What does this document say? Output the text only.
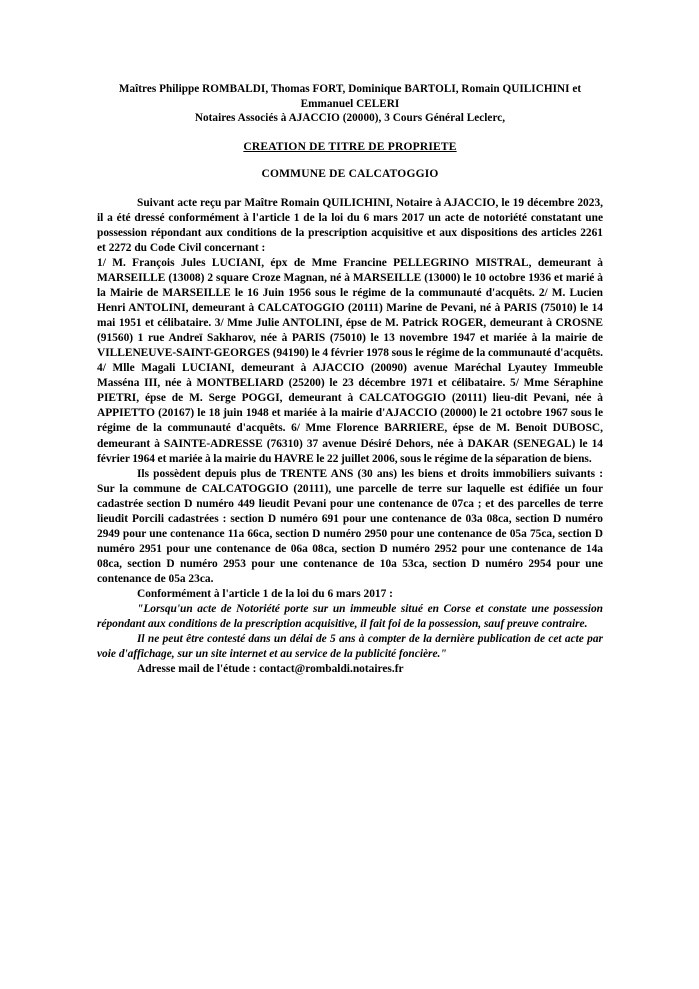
Maîtres Philippe ROMBALDI, Thomas FORT, Dominique BARTOLI, Romain QUILICHINI et
Emmanuel CELERI
Notaires Associés à AJACCIO (20000), 3 Cours Général Leclerc,
CREATION DE TITRE DE PROPRIETE
COMMUNE DE CALCATOGGIO

Suivant acte reçu par Maître Romain QUILICHINI, Notaire à AJACCIO, le 19 décembre 2023, il a été dressé conformément à l'article 1 de la loi du 6 mars 2017 un acte de notoriété constatant une possession répondant aux conditions de la prescription acquisitive et aux dispositions des articles 2261 et 2272 du Code Civil concernant :

1/ M. François Jules LUCIANI, épx de Mme Francine PELLEGRINO MISTRAL, demeurant à MARSEILLE (13008) 2 square Croze Magnan, né à MARSEILLE (13000) le 10 octobre 1936 et marié à la Mairie de MARSEILLE le 16 Juin 1956 sous le régime de la communauté d'acquêts. 2/ M. Lucien Henri ANTOLINI, demeurant à CALCATOGGIO (20111) Marine de Pevani, né à PARIS (75010) le 14 mai 1951 et célibataire. 3/ Mme Julie ANTOLINI, épse de M. Patrick ROGER, demeurant à CROSNE (91560) 1 rue Andreï Sakharov, née à PARIS (75010) le 13 novembre 1947 et mariée à la mairie de VILLENEUVE-SAINT-GEORGES (94190) le 4 février 1978 sous le régime de la communauté d'acquêts. 4/ Mlle Magali LUCIANI, demeurant à AJACCIO (20090) avenue Maréchal Lyautey Immeuble Masséna III, née à MONTBELIARD (25200) le 23 décembre 1971 et célibataire. 5/ Mme Séraphine PIETRI, épse de M. Serge POGGI, demeurant à CALCATOGGIO (20111) lieu-dit Pevani, née à APPIETTO (20167) le 18 juin 1948 et mariée à la mairie d'AJACCIO (20000) le 21 octobre 1967 sous le régime de la communauté d'acquêts. 6/ Mme Florence BARRIERE, épse de M. Benoit DUBOSC, demeurant à SAINTE-ADRESSE (76310) 37 avenue Désiré Dehors, née à DAKAR (SENEGAL) le 14 février 1964 et mariée à la mairie du HAVRE le 22 juillet 2006, sous le régime de la séparation de biens.

Ils possèdent depuis plus de TRENTE ANS (30 ans) les biens et droits immobiliers suivants : Sur la commune de CALCATOGGIO (20111), une parcelle de terre sur laquelle est édifiée un four cadastrée section D numéro 449 lieudit Pevani pour une contenance de 07ca ; et des parcelles de terre lieudit Porcili cadastrées : section D numéro 691 pour une contenance de 03a 08ca, section D numéro 2949 pour une contenance 11a 66ca, section D numéro 2950 pour une contenance de 05a 75ca, section D numéro 2951 pour une contenance de 06a 08ca, section D numéro 2952 pour une contenance de 14a 08ca, section D numéro 2953 pour une contenance de 10a 53ca, section D numéro 2954 pour une contenance de 05a 23ca.

Conformément à l'article 1 de la loi du 6 mars 2017 :

"Lorsqu'un acte de Notoriété porte sur un immeuble situé en Corse et constate une possession répondant aux conditions de la prescription acquisitive, il fait foi de la possession, sauf preuve contraire.

Il ne peut être contesté dans un délai de 5 ans à compter de la dernière publication de cet acte par voie d'affichage, sur un site internet et au service de la publicité foncière."

Adresse mail de l'étude : contact@rombaldi.notaires.fr
